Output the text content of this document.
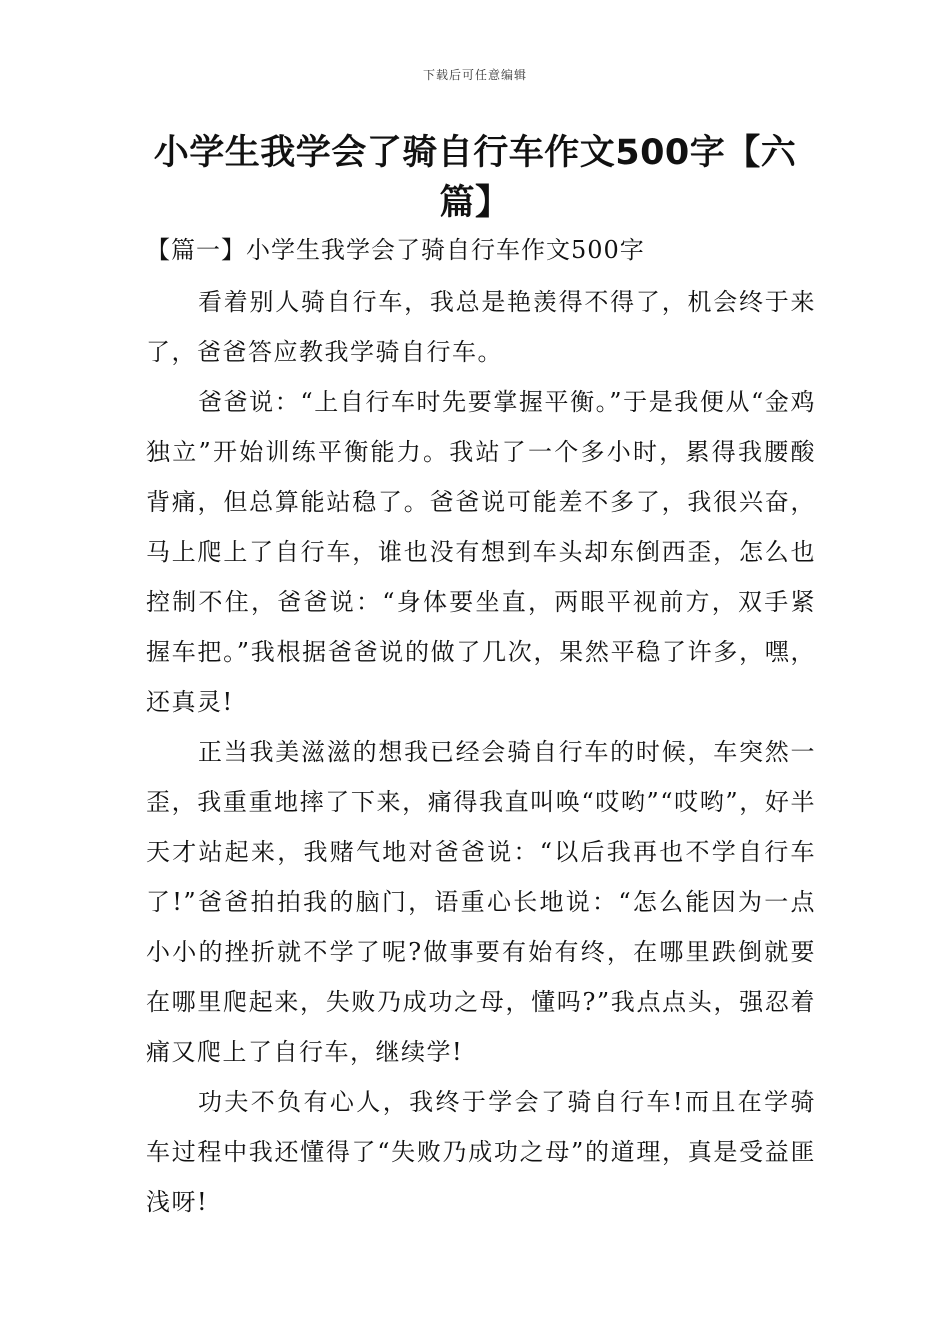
下载后可任意编辑
小学生我学会了骑自行车作文500字【六篇】

【篇一】小学生我学会了骑自行车作文500字

看着别人骑自行车，我总是艳羡得不得了，机会终于来了，爸爸答应教我学骑自行车。

爸爸说：“上自行车时先要掌握平衡。”于是我便从“金鸡独立”开始训练平衡能力。我站了一个多小时，累得我腰酸背痛，但总算能站稳了。爸爸说可能差不多了，我很兴奋，马上爬上了自行车，谁也没有想到车头却东倒西歪，怎么也控制不住，爸爸说：“身体要坐直，两眼平视前方，双手紧握车把。”我根据爸爸说的做了几次，果然平稳了许多，嘿，还真灵!

正当我美滋滋的想我已经会骑自行车的时候，车突然一歪，我重重地摔了下来，痛得我直叫唤“哎哟”“哎哟”，好半天才站起来，我赌气地对爸爸说：“以后我再也不学自行车了!”爸爸拍拍我的脑门，语重心长地说：“怎么能因为一点小小的挫折就不学了呢?做事要有始有终，在哪里跌倒就要在哪里爬起来，失败乃成功之母，懂吗?”我点点头，强忍着痛又爬上了自行车，继续学!

功夫不负有心人，我终于学会了骑自行车!而且在学骑车过程中我还懂得了“失败乃成功之母”的道理，真是受益匪浅呀!
